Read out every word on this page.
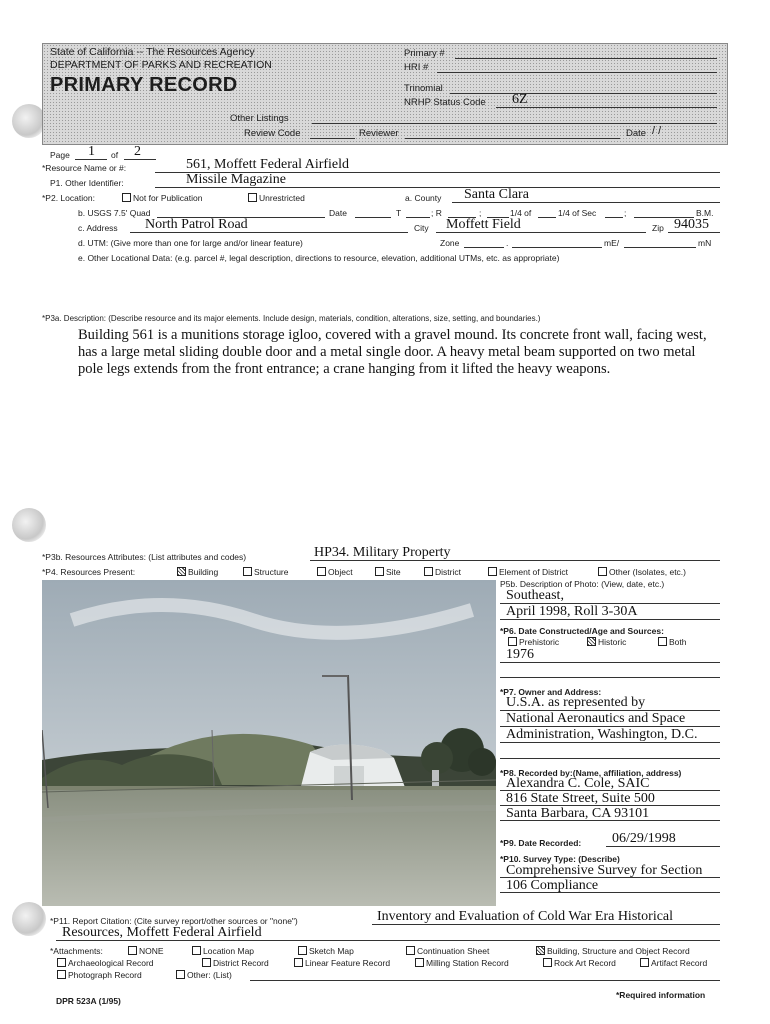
State of California -- The Resources Agency
DEPARTMENT OF PARKS AND RECREATION
PRIMARY RECORD
Primary #
HRI #
Trinomial
NRHP Status Code 6Z
Other Listings
Review Code	Reviewer	Date / /
Page 1 of 2
*Resource Name or #:	561, Moffett Federal Airfield
P1. Other Identifier:	Missile Magazine
*P2. Location:	Not for Publication	Unrestricted	a. County Santa Clara
b. USGS 7.5' Quad	Date	T	; R	;	1/4 of	1/4 of Sec	;	B.M.
c. Address North Patrol Road	City Moffett Field	Zip 94035
d. UTM: (Give more than one for large and/or linear feature)	Zone	.	mE/	mN
e. Other Locational Data: (e.g. parcel #, legal description, directions to resource, elevation, additional UTMs, etc. as appropriate)
*P3a. Description: (Describe resource and its major elements. Include design, materials, condition, alterations, size, setting, and boundaries.)
Building 561 is a munitions storage igloo, covered with a gravel mound. Its concrete front wall, facing west,
has a large metal sliding double door and a metal single door. A heavy metal beam supported on two metal
pole legs extends from the front entrance; a crane hanging from it lifted the heavy weapons.
*P3b. Resources Attributes: (List attributes and codes)	HP34. Military Property
*P4. Resources Present:	Building	Structure	Object	Site	District	Element of District	Other (Isolates, etc.)
P5b. Description of Photo: (View, date, etc.)
Southeast,
April 1998, Roll 3-30A
*P6. Date Constructed/Age and Sources:
Prehistoric	Historic	Both
1976
*P7. Owner and Address:
U.S.A. as represented by
National Aeronautics and Space
Administration, Washington, D.C.
*P8. Recorded by:(Name, affiliation, address)
Alexandra C. Cole, SAIC
816 State Street, Suite 500
Santa Barbara, CA 93101
*P9. Date Recorded: 06/29/1998
*P10. Survey Type: (Describe)
Comprehensive Survey for Section
106 Compliance
*P11. Report Citation: (Cite survey report/other sources or "none")	Inventory and Evaluation of Cold War Era Historical
Resources, Moffett Federal Airfield
*Attachments:	NONE	Location Map	Sketch Map	Continuation Sheet	Building, Structure and Object Record
Archaeological Record	District Record	Linear Feature Record	Milling Station Record	Rock Art Record	Artifact Record
Photograph Record	Other: (List)
DPR 523A (1/95)
*Required information
